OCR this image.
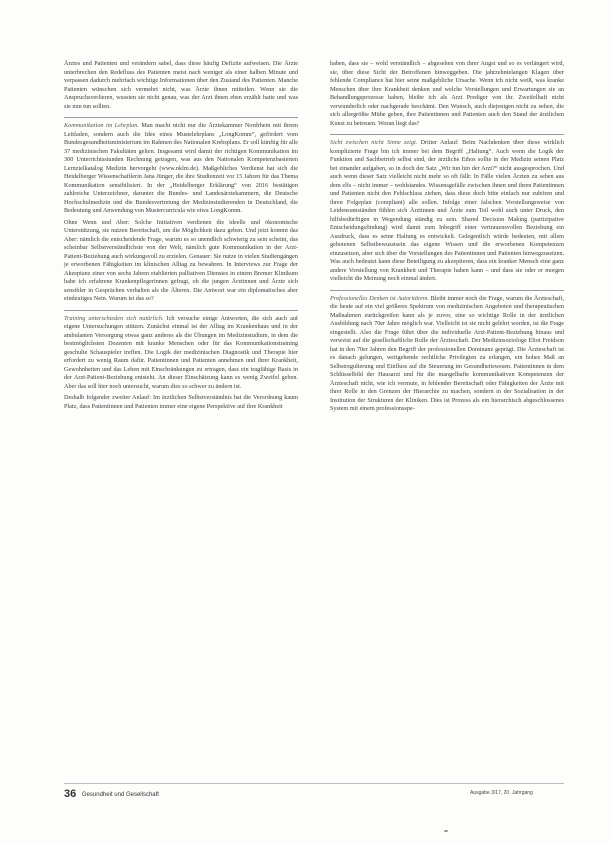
Ärztes und Patienten und verändern sabel, dass diese häufig Defizite aufweisen. Die Ärzte unterbrechen den Redefluss des Patienten meist nach weniger als einer halben Minute und verpassen dadurch mehrfach wichtige Informationen über den Zustand des Patienten. Manche Patienten wünschen sich vermehrt nicht, was Ärzte ihnen mitteilen. Wenn sie die Anspruchsverlieren, wussten sie nicht genau, was der Arzt ihnen eben erzählt hatte und was sie nun tun sollten.

Kommunikation im Lehrplan. Man macht nicht nur die Ärztekammer Nordrhein mit ihrem Leitfaden, sondern auch die Idee eines Mustelehrplans „LongKomm“, gefördert vom Bundesgesundheitsministerium im Rahmen des Nationalen Krebsplans. Er soll künftig für alle 37 medizinischen Fakultäten gelten. Insgesamt wird damit der richtigen Kommunikation im 300 Unterrichtsstunden Rechnung getragen, was aus den Nationalen Kompetenzbasierten Lernzielkatalog Medizin hervorgeht (www.nklm.de). Maßgebliches Verdienst hat sich die Heidelberger Wissenschaftlerin Jana Jünger, die ihre Studienzeit vor 15 Jahren für das Thema Kommunikation sensibilisiert. In der „Heidelberger Erklärung“ von 2016 bestätigen zahlreiche Unterzeichner, darunter die Bundes- und Landesärztekammern, die Deutsche Hochschulmedizin und die Bundesvertretung der Medizinstudierenden in Deutschland, die Bedeutung und Anwendung von Mustercurricula wie etwa LongKomm.

Ohne Wenn und Aber: Solche Initiativen verdienen die ideelle und ökonomische Unterstützung, sie nutzen Bereitschaft, um die Möglichkeit dazu geben. Und jetzt kommt das Aber: nämlich die entscheidende Frage, warum es so unendlich schwierig zu sein scheint, das scheinbar Selbstverständlichste von der Welt, nämlich gute Kommunikation in der Arzt-Patient-Beziehung auch wirkungsvoll zu erzielen. Genauer: Sie nutze in vielen Studiengängen je erworbenen Fähigkeiten im klinischen Alltag zu bewahren. In Interviews zur Frage der Akzeptanz einer von sechs Jahren etablierten palliativen Dienstes in einem Bremer Klinikum habe ich erfahrene Krankenpflegerinnen gefragt, ob die jungen Ärztinnen und Ärzte sich sensibler in Gesprächen verhalten als die Älteren. Die Antwort war ein diplomatisches aber eindeutiges Nein. Warum ist das so?

Training unterschieden sich natürlich. Ich versuche einige Antworten, die sich auch auf eigene Untersuchungen stützen. Zunächst einmal ist der Alltag im Krankenhaus und in der ambulanten Versorgung etwas ganz anderes als die Übungen im Medizinstudium, in dem die bestmöglichsten Dozenten mit kranke Menschen oder für das Kommunikationstraining geschulte Schauspieler treffen. Die Logik der medizinischen Diagnostik und Therapie hier erfordert zu wenig Raum dafür. Patientinnen und Patienten annehmen und ihrer Krankheit, Gewohnheiten und das Leben mit Einschränkungen zu ertragen, dass ein tragfähige Basis in der Arzt-Patient-Beziehung entsteht. An dieser Einschätzung kann es wenig Zweifel geben. Aber das soll hier noch untersucht, warum dies so schwer zu ändern ist.

Deshalb folgender zweiter Anlauf: Im ärztlichen Selbstverständnis hat die Verordnung kaum Platz, dass Patientinnen und Patienten immer eine eigene Perspektive auf ihre Krankheit

haben, dass sie – wohl verständlich – abgesehen von ihrer Angst und so es verlängert wird, sie, über diese Sicht der Betroffenen hinweggeben. Die jahrzehntelangen Klagen über fehlende Compliance hat hier seine maßgebliche Ursache. Wenn ich nicht weiß, was kranke Menschen über ihre Krankheit denken und welche Vorstellungen und Erwartungen sie an Behandlungsprozesse haben, bleibe ich als Arzt Prediger von ihr. Zweifelhaft nicht verwunderlich oder nachgerade beschämt. Den Wunsch, auch diejenigen nicht zu sehen, die sich allergrößte Mühe geben, ihre Patientinnen und Patienten auch den Stand der ärztlichen Kunst zu betreuen. Woran liegt das?

Sicht zwischen nicht Sinne zeigt. Dritter Anlauf: Beim Nachdenken über diese wirklich komplizierte Frage bin ich immer bei dem Begriff „Haltung“. Auch wenn die Logik der Funktion und Sachbetrieb selbst sind, der ärztliche Ethos sollte in der Medizin seinen Platz bei einander aufgaben, so in doch der Satz „Wir tun hin der Arzt?“ nicht ausgesprochen. Und auch wenn dieser Satz vielleicht nicht mehr so oft fällt: In Fälle vielen Ärzten zu sehen aus dem elfs – nicht immer – wohlstandes. Wissensgefälle zwischen ihnen und ihren Patientinnen und Patienten nicht den Fehlschluss ziehen, dass diese doch bitte einfach nur zuhören und ihren Folgeplan (compliant) alle sollen. Infolge einer falschen Vorstellungsweise von Leidensumständen fühlen sich Ärztinnen und Ärzte zum Teil wohl auch unter Druck, den hilfsbedürftigen in Wegendung ständig zu sein. Shared Decision Making (partizipative Entscheidungsfindung) wird damit zum Inbegriff einer vertrauensvollen Beziehung ein Ausdruck, dass es seine Haltung es entwickelt. Gelegentlich würde bedeuten, mit allem gebotenen Selbstbewusstsein das eigene Wissen und die erworbenen Kompetenzen einzusetzen, aber sich über die Vorstellungen des Patientinnen und Patienten hinwegzusetzen. Was auch bedeutet kann diese Beteiligung zu akzeptieren, dass ein kranker Mensch eine ganz andere Vorstellung von Krankheit und Therapie haben kann – und dass sie oder er morgen vielleicht die Meinung noch einmal ändert.

Professionelles Denken ist Autoritärem. Bleibt immer noch die Frage, warum die Ärzteschaft, die heute auf ein viel größeres Spektrum von medizinischen Angeboten und therapeutischen Maßnahmen zurückgreifen kann als je zuvor, eine so wichtige Rolle in der ärztlichen Ausbildung nach 70er Jahre möglich war. Vielleicht ist sie nicht gelehrt worden, ist die Frage eingestellt. Also die Frage führt über die individuelle Arzt-Patient-Beziehung hinaus und verweist auf die gesellschaftliche Rolle der Ärzteschaft. Der Medizinsoziologe Eliot Freidson hat in den 70er Jahren den Begriff der professionellen Dominanz geprägt. Die Ärzteschaft ist es danach gelungen, weitgehende rechtliche Privilegien zu erlangen, ein hohes Maß an Selbstregulierung und Einfluss auf die Steuerung im Gesundheitswesen. Patientinnen in dem Schlüsselbild der Hausarzt und für die mangelhafte kommunikativen Kompetenzen der Ärzteschaft nicht, wie ich vermute, in fehlender Bereitschaft oder Fähigkeiten der Ärzte mit ihrer Rolle in den Grenzen der Hierarchie zu machen, sondern in der Sozialisation in der Institution der Strukturen der Kliniken. Dies ist Prozess als ein hierarchisch abgeschlossenes System mit einem professionsspe-

36 Gesundheit und Gesellschaft	Ausgabe 3/17, 20. Jahrgang
